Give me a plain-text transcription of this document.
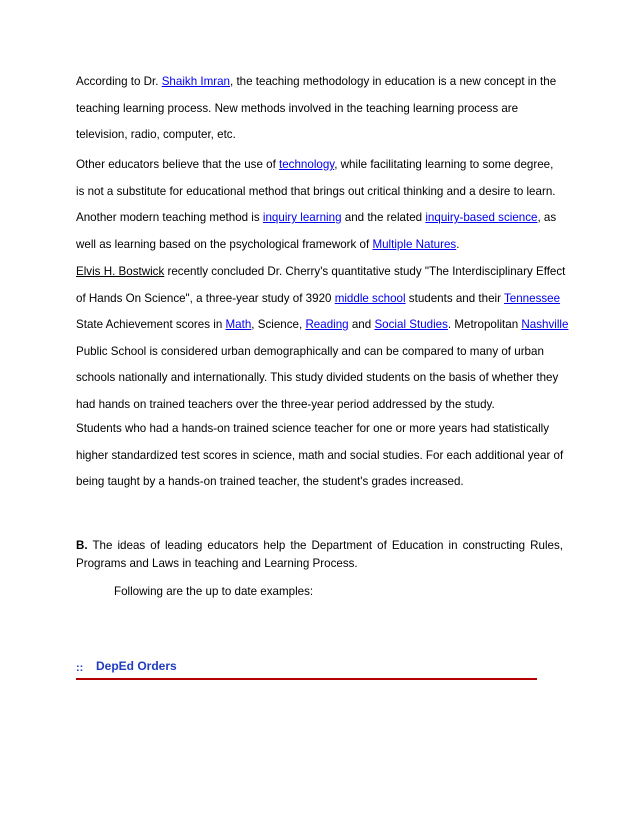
According to Dr. Shaikh Imran, the teaching methodology in education is a new concept in the
teaching learning process. New methods involved in the teaching learning process are
television, radio, computer, etc.
Other educators believe that the use of technology, while facilitating learning to some degree,
is not a substitute for educational method that brings out critical thinking and a desire to learn.
Another modern teaching method is inquiry learning and the related inquiry-based science, as
well as learning based on the psychological framework of Multiple Natures.
Elvis H. Bostwick recently concluded Dr. Cherry's quantitative study "The Interdisciplinary Effect
of Hands On Science", a three-year study of 3920 middle school students and their Tennessee
State Achievement scores in Math, Science, Reading and Social Studies. Metropolitan Nashville
Public School is considered urban demographically and can be compared to many of urban
schools nationally and internationally. This study divided students on the basis of whether they
had hands on trained teachers over the three-year period addressed by the study.
Students who had a hands-on trained science teacher for one or more years had statistically
higher standardized test scores in science, math and social studies. For each additional year of
being taught by a hands-on trained teacher, the student's grades increased.
B. The ideas of leading educators help the Department of Education in constructing Rules, Programs and Laws in teaching and Learning Process.
Following are the up to date examples:
:: DepEd Orders
